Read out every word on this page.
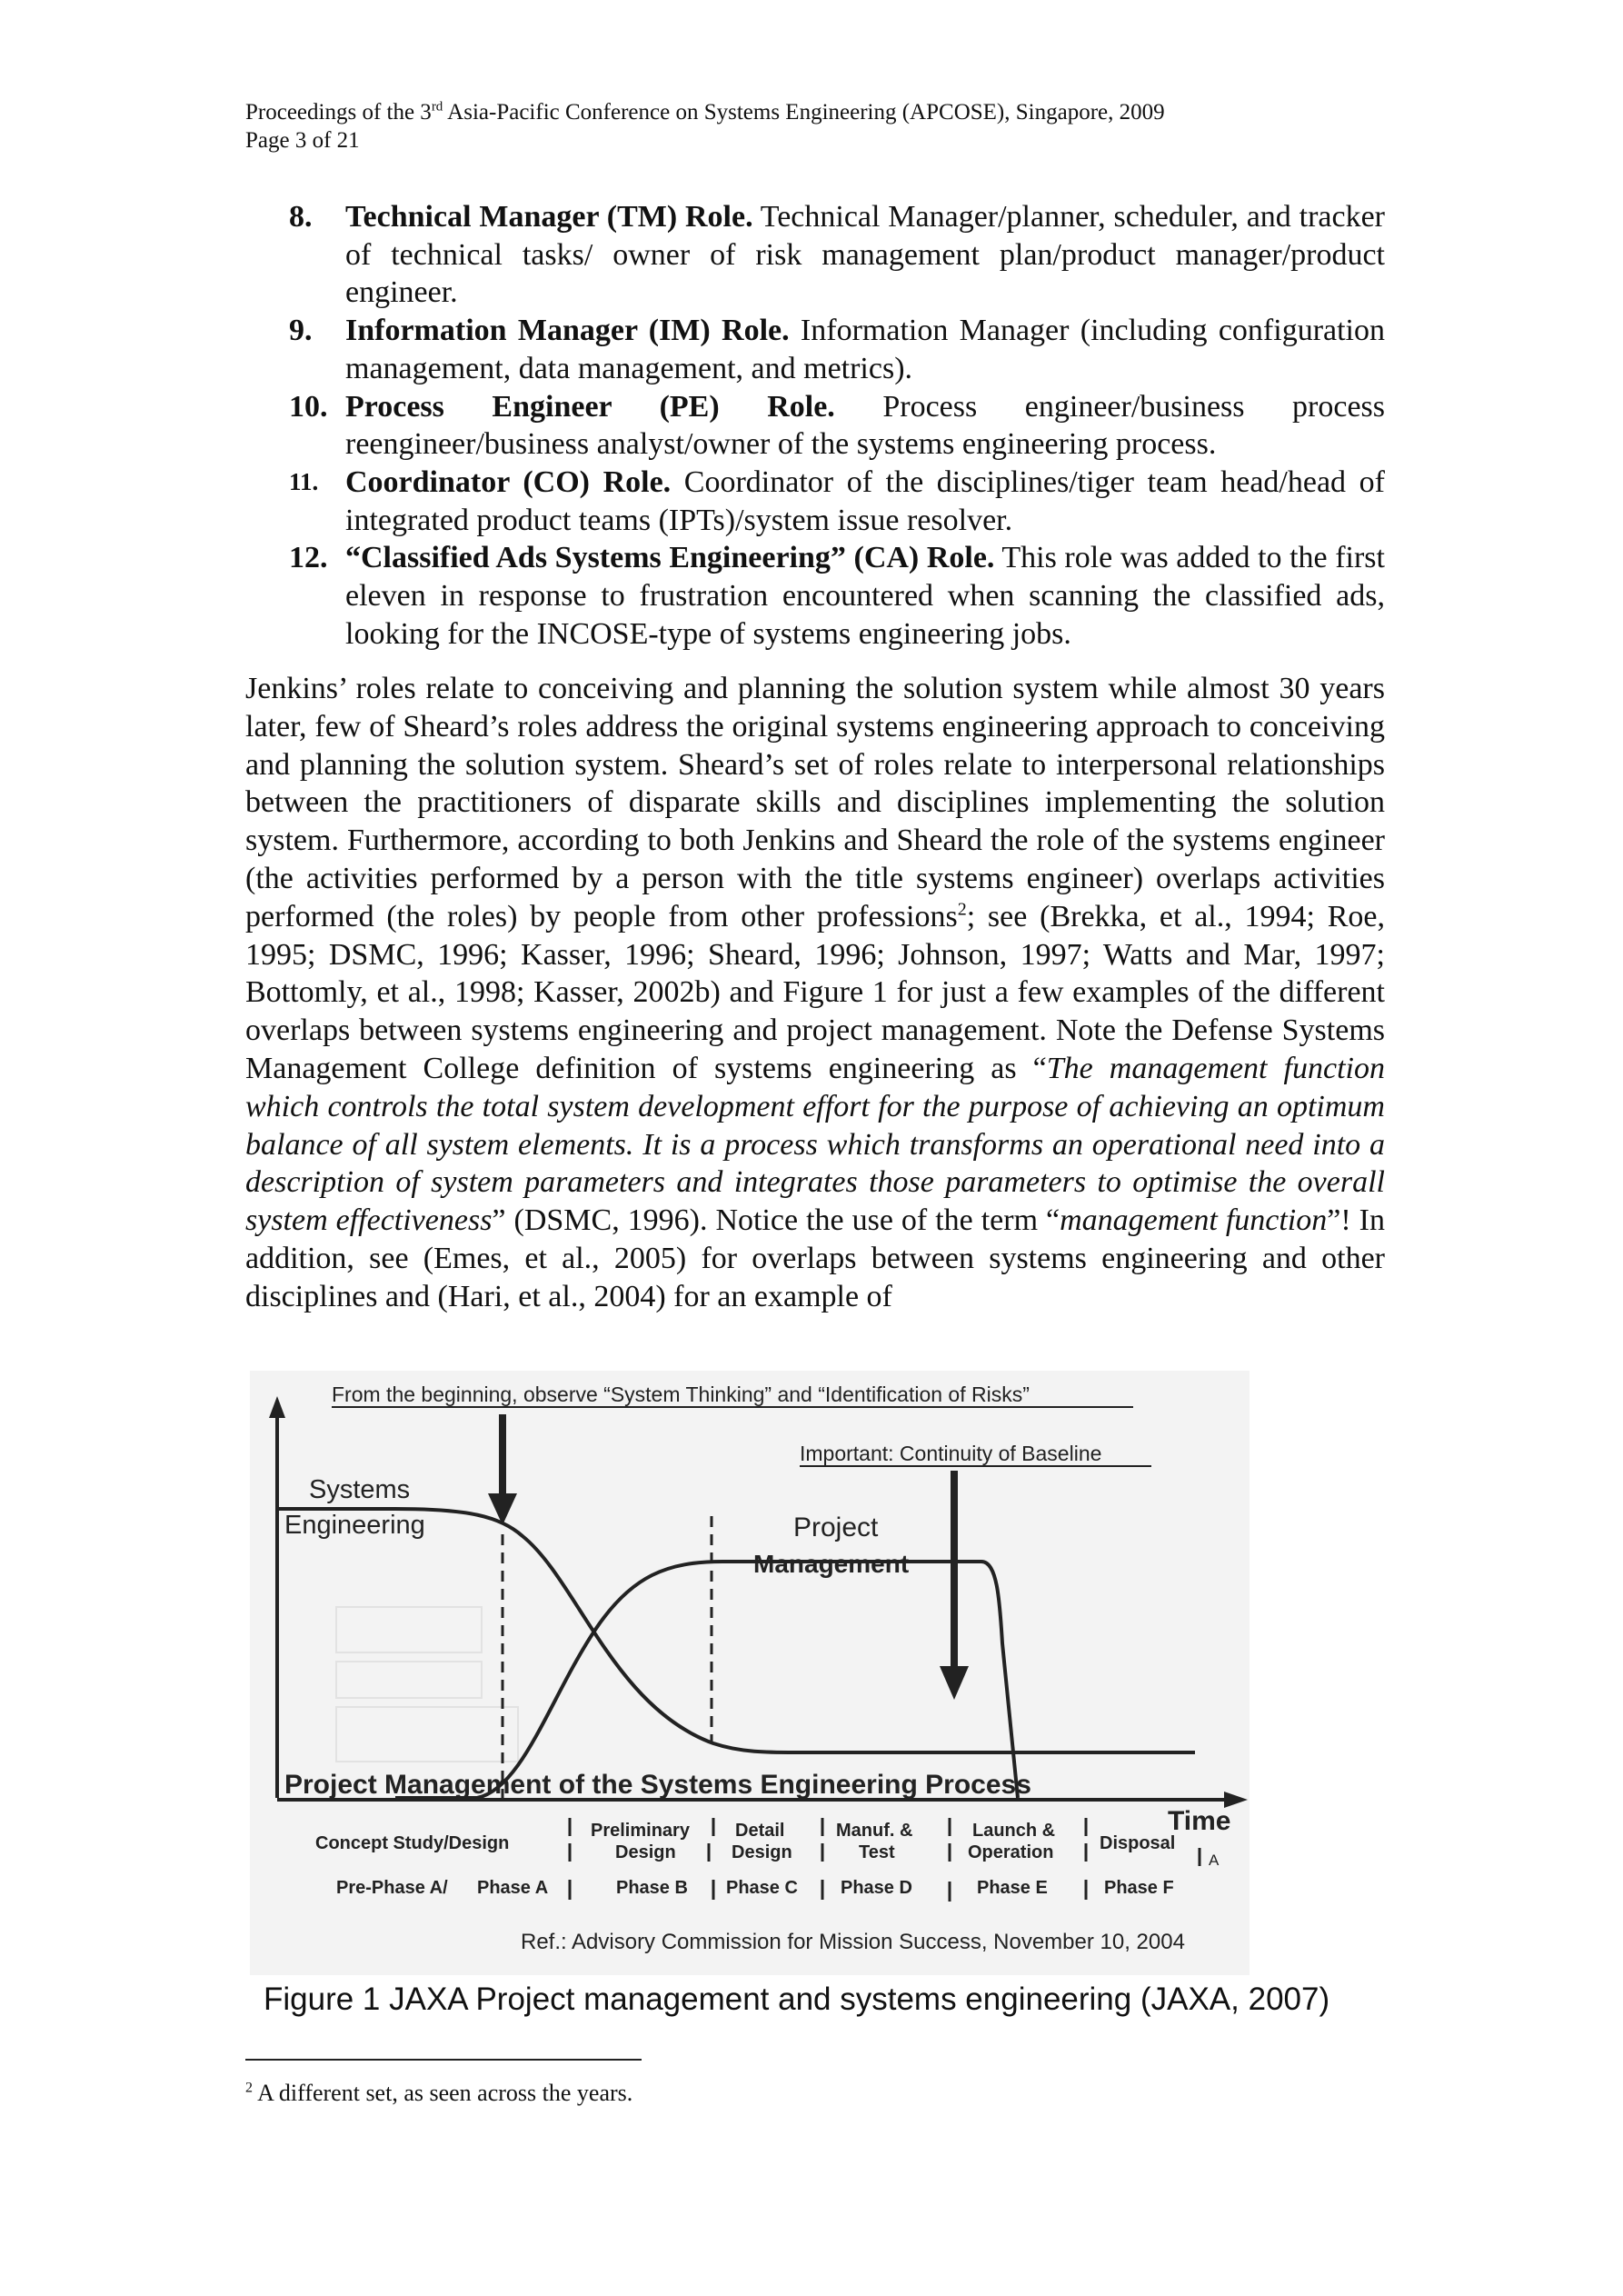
Proceedings of the 3rd Asia-Pacific Conference on Systems Engineering (APCOSE), Singapore, 2009
Page 3 of 21
8. Technical Manager (TM) Role. Technical Manager/planner, scheduler, and tracker of technical tasks/ owner of risk management plan/product manager/product engineer.
9. Information Manager (IM) Role. Information Manager (including configuration management, data management, and metrics).
10. Process Engineer (PE) Role. Process engineer/business process reengineer/business analyst/owner of the systems engineering process.
11. Coordinator (CO) Role. Coordinator of the disciplines/tiger team head/head of integrated product teams (IPTs)/system issue resolver.
12. “Classified Ads Systems Engineering” (CA) Role. This role was added to the first eleven in response to frustration encountered when scanning the classified ads, looking for the INCOSE-type of systems engineering jobs.

Jenkins’ roles relate to conceiving and planning the solution system while almost 30 years later, few of Sheard’s roles address the original systems engineering approach to conceiving and planning the solution system. Sheard’s set of roles relate to interpersonal relationships between the practitioners of disparate skills and disciplines implementing the solution system. Furthermore, according to both Jenkins and Sheard the role of the systems engineer (the activities performed by a person with the title systems engineer) overlaps activities performed (the roles) by people from other professions$^2$; see (Brekka, et al., 1994; Roe, 1995; DSMC, 1996; Kasser, 1996; Sheard, 1996; Johnson, 1997; Watts and Mar, 1997; Bottomly, et al., 1998; Kasser, 2002b) and Figure 1 for just a few examples of the different overlaps between systems engineering and project management. Note the Defense Systems Management College definition of systems engineering as “The management function which controls the total system development effort for the purpose of achieving an optimum balance of all system elements. It is a process which transforms an operational need into a description of system parameters and integrates those parameters to optimise the overall system effectiveness” (DSMC, 1996). Notice the use of the term “management function”! In addition, see (Emes, et al., 2005) for overlaps between systems engineering and other disciplines and (Hari, et al., 2004) for an example of

From the beginning, observe “System Thinking” and “Identification of Risks”
Important: Continuity of Baseline
Systems
Engineering	Project
Management
Project Management of the Systems Engineering Process
Time
Concept Study/Design
Preliminary
Design
Detail
Design
Manuf. &
Test
Launch &
Operation	Disposal
A
Pre-Phase A/ Phase A	Phase B Phase C Phase D	Phase E	Phase F
Ref.: Advisory Commission for Mission Success, November 10, 2004
Figure 1 JAXA Project management and systems engineering (JAXA, 2007)
$^2$ A different set, as seen across the years.
